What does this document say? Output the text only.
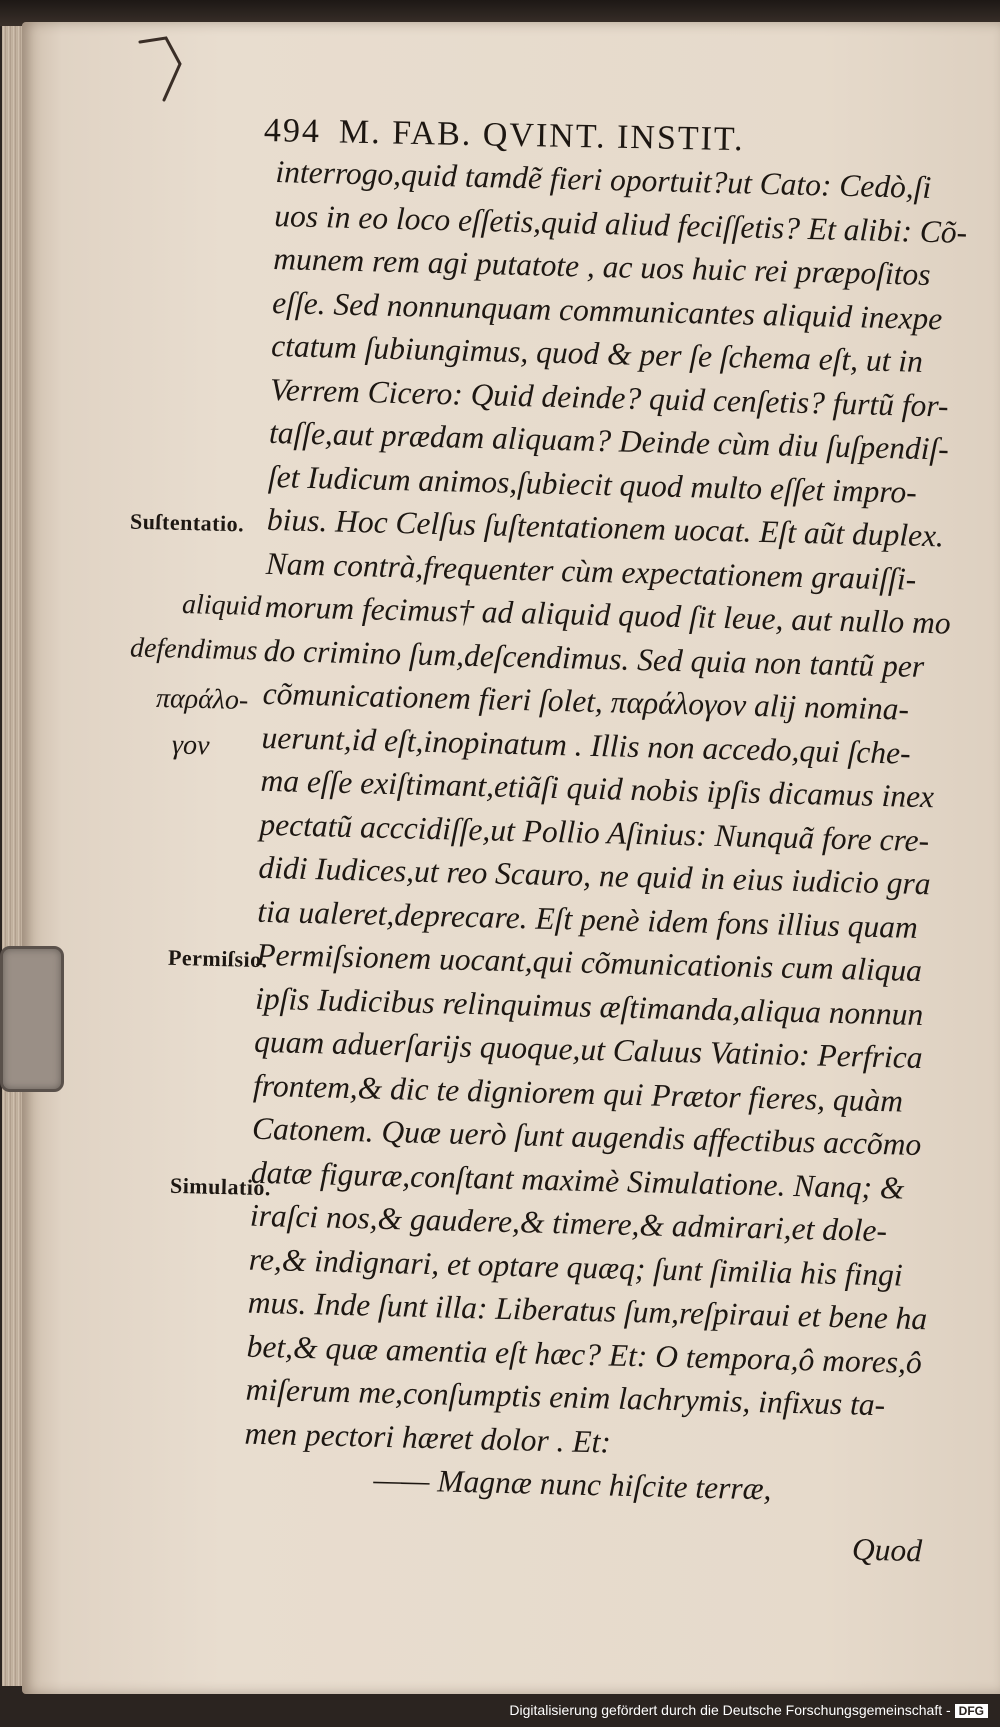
494 M. FAB. QVINT. INSTIT.
interrogo,quid tamdẽ fieri oportuit?ut Cato: Cedò,ſi
uos in eo loco eſſetis,quid aliud feciſſetis? Et alibi: Cõ-
munem rem agi putatote , ac uos huic rei præpoſitos
eſſe. Sed nonnunquam communicantes aliquid inexpe
ctatum ſubiungimus, quod & per ſe ſchema eſt, ut in
Verrem Cicero: Quid deinde? quid cenſetis? furtũ for-
taſſe,aut prædam aliquam? Deinde cùm diu ſuſpendiſ-
ſet Iudicum animos,ſubiecit quod multo eſſet impro-
bius. Hoc Celſus ſuſtentationem uocat. Eſt aũt duplex.
Nam contrà,frequenter cùm expectationem grauiſſi-
morum fecimus† ad aliquid quod ſit leue, aut nullo mo
do crimino ſum,deſcendimus. Sed quia non tantũ per
cõmunicationem fieri ſolet, παράλογον alij nomina-
uerunt,id eſt,inopinatum . Illis non accedo,qui ſche-
ma eſſe exiſtimant,etiãſi quid nobis ipſis dicamus inex
pectatũ acccidiſſe,ut Pollio Aſinius: Nunquã fore cre-
didi Iudices,ut reo Scauro, ne quid in eius iudicio gra
tia ualeret,deprecare. Eſt penè idem fons illius quam
Permiſsionem uocant,qui cõmunicationis cum aliqua
ipſis Iudicibus relinquimus æſtimanda,aliqua nonnun
quam aduerſarijs quoque,ut Caluus Vatinio: Perfrica
frontem,& dic te digniorem qui Prætor fieres, quàm
Catonem. Quæ uerò ſunt augendis affectibus accõmo
datæ figuræ,conſtant maximè Simulatione. Nanq; &
iraſci nos,& gaudere,& timere,& admirari,et dole-
re,& indignari, et optare quæq; ſunt ſimilia his fingi
mus. Inde ſunt illa: Liberatus ſum,reſpiraui et bene ha
bet,& quæ amentia eſt hæc? Et: O tempora,ô mores,ô
miſerum me,conſumptis enim lachrymis, infixus ta-
men pectori hæret dolor . Et:
—— Magnæ nunc hiſcite terræ,
Quod
Suſtentatio.
aliquid
defendimus
παράλο-
γον
Permiſsio.
Simulatio.
Digitalisierung gefördert durch die Deutsche Forschungsgemeinschaft - DFG
